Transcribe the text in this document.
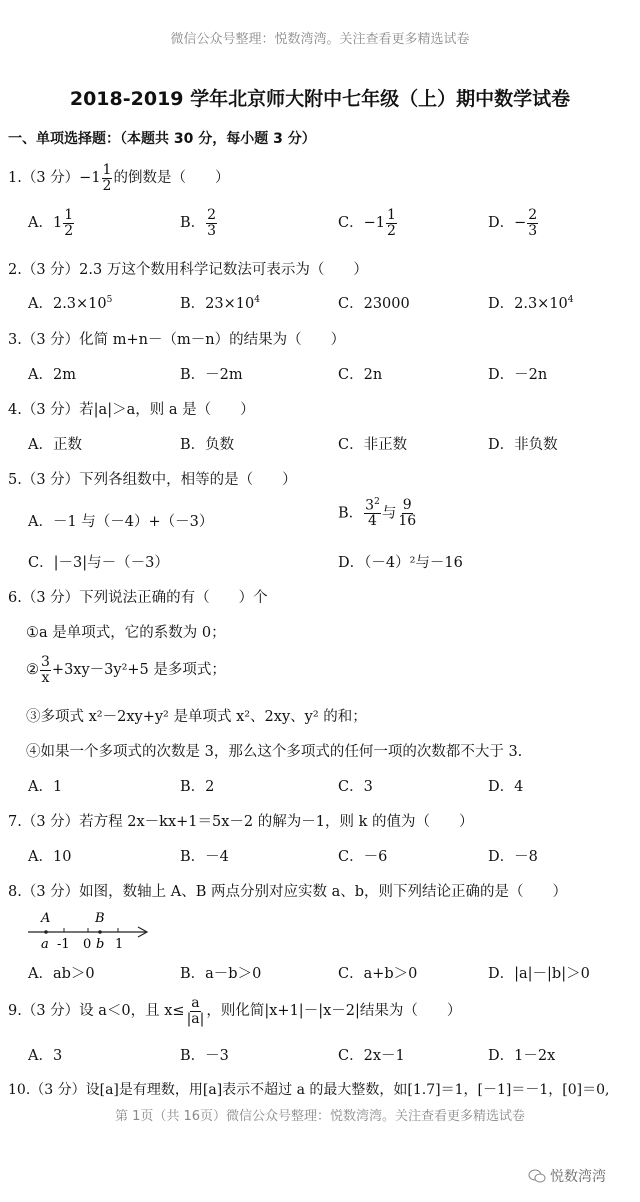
微信公众号整理：悦数湾湾。关注查看更多精选试卷
2018-2019 学年北京师大附中七年级（上）期中数学试卷
一、单项选择题：（本题共 30 分，每小题 3 分）
1.（3 分）$-1 \frac{1}{2}$ 的倒数是（　　）
A．$1 \frac{1}{2}$	B． $\frac{2}{3}$	C．$-1 \frac{1}{2}$	D．− $\frac{2}{3}$
2.（3 分）2.3 万这个数用科学记数法可表示为（　　）
A．$2.3\times 10^5$	B．$23\times 10^4$	C．23000	D．$2.3\times 10^4$
3.（3 分）化简 m+n－（m－n）的结果为（　　）
A．2m	B．－2m	C．2n	D．－2n
4.（3 分）若|a|＞a，则 a 是（　　）
A．正数	B．负数	C．非正数	D．非负数
5.（3 分）下列各组数中，相等的是（　　）
A．－1 与（－4）+（－3）
B． $\frac{3^2}{4}$ 与 $\frac{9}{16}$
C．|－3|与－（－3）	D．（－4）²与－16
6.（3 分）下列说法正确的有（　　）个
①a 是单项式，它的系数为 0；
② $\frac{3}{x} +3xy-3y^2+5$ 是多项式；
③多项式 x²－2xy+y² 是单项式 x²、2xy、y² 的和；
④如果一个多项式的次数是 3，那么这个多项式的任何一项的次数都不大于 3.
A．1	B．2	C．3	D．4
7.（3 分）若方程 2x－kx+1＝5x－2 的解为－1，则 k 的值为（　　）
A．10	B．－4	C．－6	D．－8
8.（3 分）如图，数轴上 A、B 两点分别对应实数 a、b，则下列结论正确的是（　　）
A	B
a -1 0 b 1
A．ab＞0	B．a－b＞0	C．a+b＞0	D．|a|－|b|＞0
9.（3 分）设 a＜0，且 $x\le \frac{a}{|a|}$ ，则化简|x+1|－|x－2|结果为（　　）
A．3	B．－3	C．2x－1	D．1－2x
10.（3 分）设[a]是有理数，用[a]表示不超过 a 的最大整数，如[1.7]＝1，[－1]＝－1，[0]＝0,
第 1页（共 16页）微信公众号整理：悦数湾湾。关注查看更多精选试卷
悦数湾湾
